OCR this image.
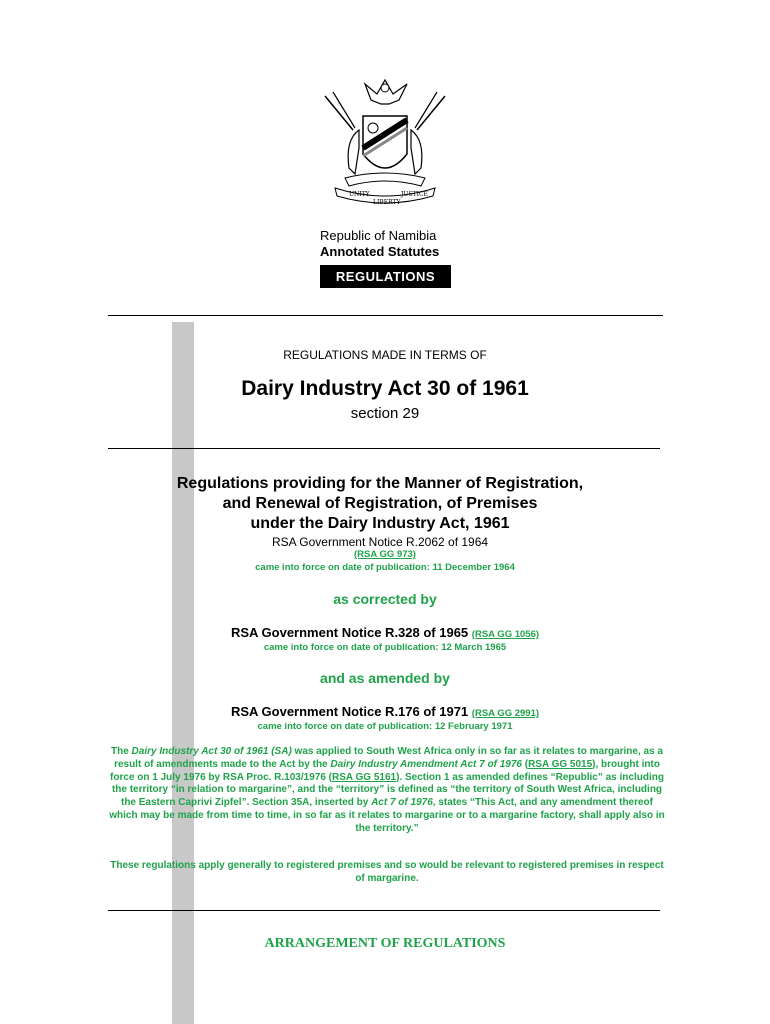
UNITY
LIBERTY
JUSTICE
Republic of Namibia
Annotated Statutes
REGULATIONS
REGULATIONS MADE IN TERMS OF
Dairy Industry Act 30 of 1961
section 29
Regulations providing for the Manner of Registration,
and Renewal of Registration, of Premises
under the Dairy Industry Act, 1961
RSA Government Notice R.2062 of 1964
(RSA GG 973)
came into force on date of publication: 11 December 1964
as corrected by
RSA Government Notice R.328 of 1965 (RSA GG 1056)
came into force on date of publication: 12 March 1965
and as amended by
RSA Government Notice R.176 of 1971 (RSA GG 2991)
came into force on date of publication: 12 February 1971
The Dairy Industry Act 30 of 1961 (SA) was applied to South West Africa only in so far as it relates to margarine, as a result of amendments made to the Act by the Dairy Industry Amendment Act 7 of 1976 (RSA GG 5015), brought into force on 1 July 1976 by RSA Proc. R.103/1976 (RSA GG 5161). Section 1 as amended defines “Republic” as including the territory “in relation to margarine”, and the “territory” is defined as “the territory of South West Africa, including the Eastern Caprivi Zipfel”. Section 35A, inserted by Act 7 of 1976, states “This Act, and any amendment thereof which may be made from time to time, in so far as it relates to margarine or to a margarine factory, shall apply also in the territory.”
These regulations apply generally to registered premises and so would be relevant to registered premises in respect of margarine.
ARRANGEMENT OF REGULATIONS
